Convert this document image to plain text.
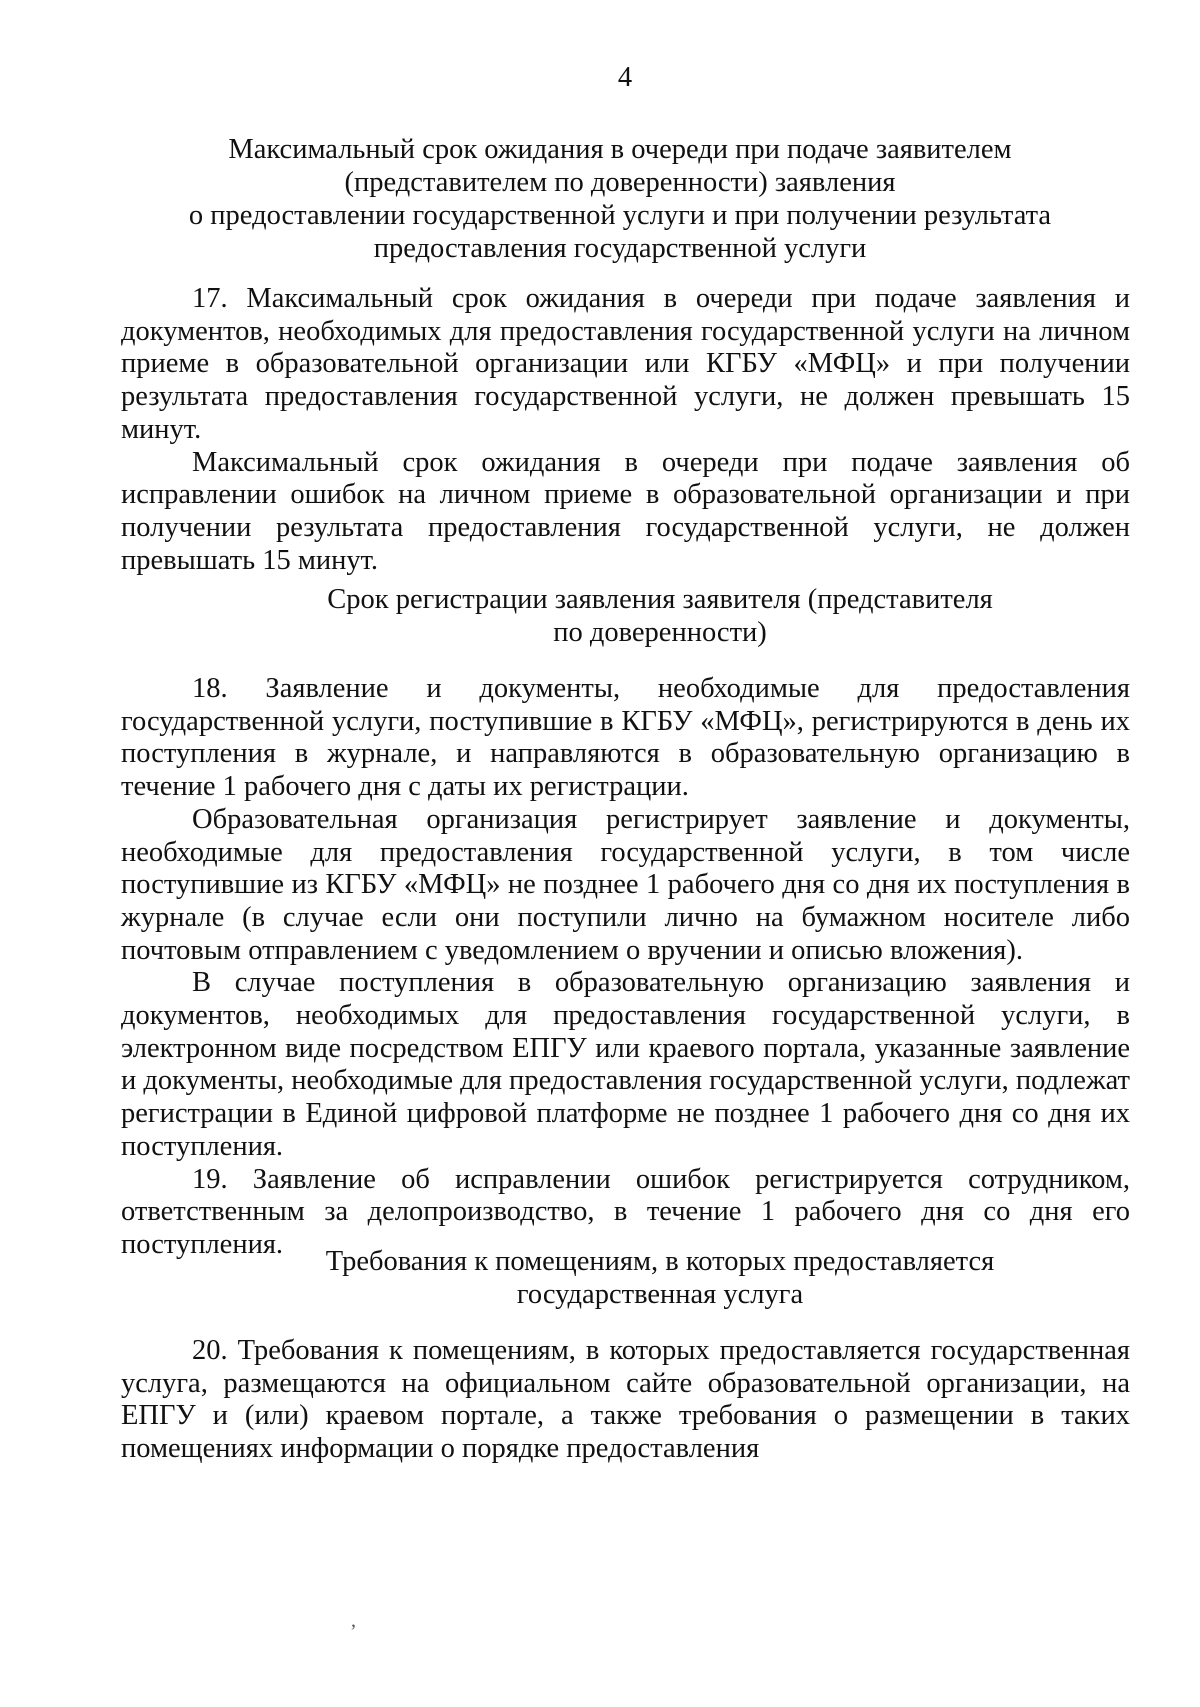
4
Максимальный срок ожидания в очереди при подаче заявителем
(представителем по доверенности) заявления
о предоставлении государственной услуги и при получении результата
предоставления государственной услуги

17. Максимальный срок ожидания в очереди при подаче заявления и документов, необходимых для предоставления государственной услуги на личном приеме в образовательной организации или КГБУ «МФЦ» и при получении результата предоставления государственной услуги, не должен превышать 15 минут.

Максимальный срок ожидания в очереди при подаче заявления об исправлении ошибок на личном приеме в образовательной организации и при получении результата предоставления государственной услуги, не должен превышать 15 минут.

Срок регистрации заявления заявителя (представителя
по доверенности)

18. Заявление и документы, необходимые для предоставления государственной услуги, поступившие в КГБУ «МФЦ», регистрируются в день их поступления в журнале, и направляются в образовательную организацию в течение 1 рабочего дня с даты их регистрации.

Образовательная организация регистрирует заявление и документы, необходимые для предоставления государственной услуги, в том числе поступившие из КГБУ «МФЦ» не позднее 1 рабочего дня со дня их поступления в журнале (в случае если они поступили лично на бумажном носителе либо почтовым отправлением с уведомлением о вручении и описью вложения).

В случае поступления в образовательную организацию заявления и документов, необходимых для предоставления государственной услуги, в электронном виде посредством ЕПГУ или краевого портала, указанные заявление и документы, необходимые для предоставления государственной услуги, подлежат регистрации в Единой цифровой платформе не позднее 1 рабочего дня со дня их поступления.

19. Заявление об исправлении ошибок регистрируется сотрудником, ответственным за делопроизводство, в течение 1 рабочего дня со дня его поступления.

Требования к помещениям, в которых предоставляется
государственная услуга

20. Требования к помещениям, в которых предоставляется государственная услуга, размещаются на официальном сайте образовательной организации, на ЕПГУ и (или) краевом портале, а также требования о размещении в таких помещениях информации о порядке предоставления

ʼ
